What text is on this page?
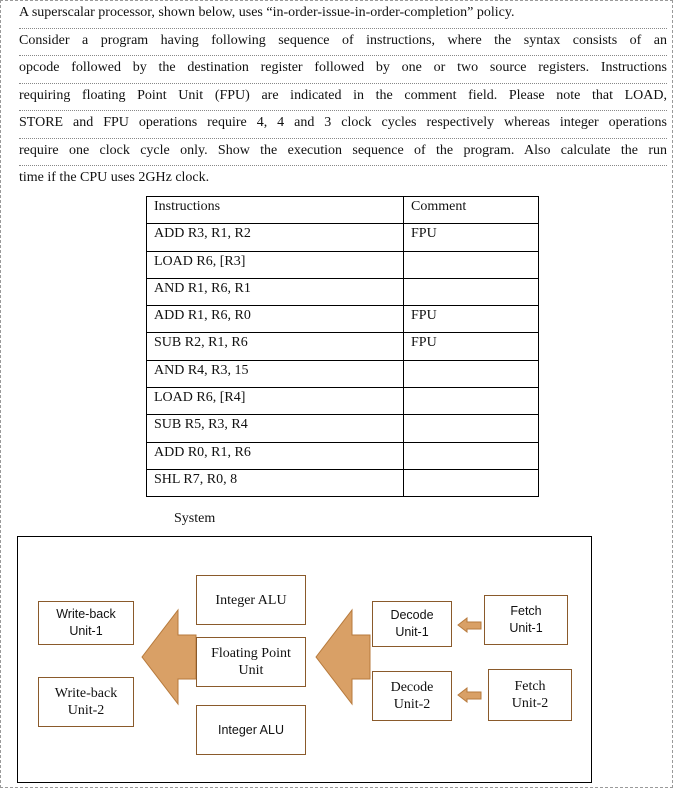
A superscalar processor, shown below, uses “in-order-issue-in-order-completion” policy.
Consider a program having following sequence of instructions, where the syntax consists of an
opcode followed by the destination register followed by one or two source registers. Instructions
requiring floating Point Unit (FPU) are indicated in the comment field. Please note that LOAD,
STORE and FPU operations require 4, 4 and 3 clock cycles respectively whereas integer operations
require one clock cycle only. Show the execution sequence of the program. Also calculate the run
time if the CPU uses 2GHz clock.
Instructions	Comment
ADD R3, R1, R2	FPU
LOAD R6, [R3]	
AND R1, R6, R1	
ADD R1, R6, R0	FPU
SUB R2, R1, R6	FPU
AND R4, R3, 15	
LOAD R6, [R4]	
SUB R5, R3, R4	
ADD R0, R1, R6	
SHL R7, R0, 8	
System
Write-back
Unit-1
Write-back
Unit-2
Integer ALU
Floating Point
Unit
Integer ALU
Decode
Unit-1
Decode
Unit-2
Fetch
Unit-1
Fetch
Unit-2
